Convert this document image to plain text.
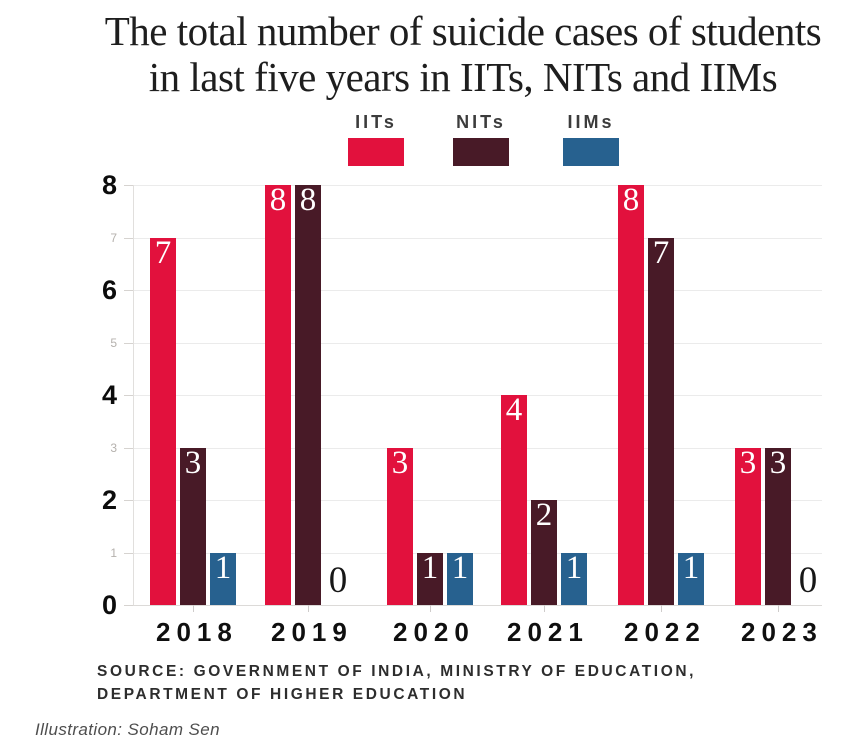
The total number of suicide cases of students
in last five years in IITs, NITs and IIMs
IITs	NITs	IIMs
SOURCE: GOVERNMENT OF INDIA, MINISTRY OF EDUCATION,
DEPARTMENT OF HIGHER EDUCATION
Illustration: Soham Sen
0
1
2
3
4
5
6
7
8
7
8
3
4
8
3
3
8
1
2
7
3
1	0	1	1	1	0
2018 2019 2020 2021 2022 2023
